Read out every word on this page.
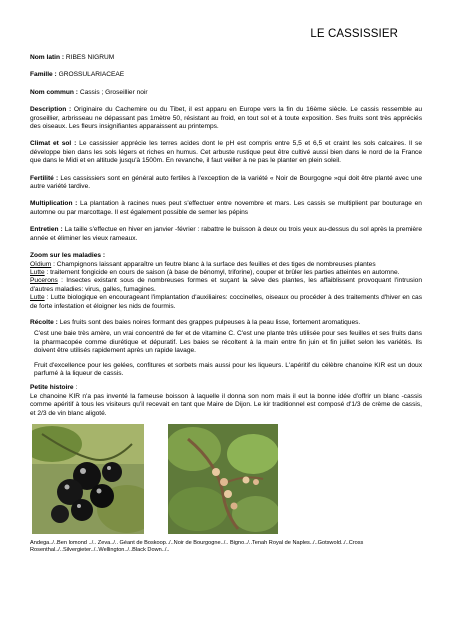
LE CASSISSIER

Nom latin : RIBES NIGRUM

Famille : GROSSULARIACEAE

Nom commun : Cassis ; Groseillier noir

Description : Originaire du Cachemire ou du Tibet, il est apparu en Europe vers la fin du 16ème siècle. Le cassis ressemble au groseillier, arbrisseau ne dépassant pas 1mètre 50, résistant au froid, en tout sol et à toute exposition. Ses fruits sont très appréciés des oiseaux. Les fleurs insignifiantes apparaissent au printemps.

Climat et sol : Le cassissier apprécie les terres acides dont le pH est compris entre 5,5 et 6,5 et craint les sols calcaires. Il se développe bien dans les sols légers et riches en humus. Cet arbuste rustique peut être cultivé aussi bien dans le nord de la France que dans le Midi et en altitude jusqu'à 1500m. En revanche, il faut veiller à ne pas le planter en plein soleil.

Fertilité : Les cassissiers sont en général auto fertiles à l'exception de la variété « Noir de Bourgogne »qui doit être planté avec une autre variété tardive.

Multiplication : La plantation à racines nues peut s'effectuer entre novembre et mars. Les cassis se multiplient par bouturage en automne ou par marcottage. Il est également possible de semer les pépins

Entretien : La taille s'effectue en hiver en janvier -février : rabattre le buisson à deux ou trois yeux au-dessus du sol après la première année et éliminer les vieux rameaux.

Zoom sur les maladies :

Oïdium : Champignons laissant apparaître un feutre blanc à la surface des feuilles et des tiges de nombreuses plantes

Lutte : traitement fongicide en cours de saison (à base de bénomyl, triforine), couper et brûler les parties atteintes en automne.

Pucerons : Insectes existant sous de nombreuses formes et suçant la sève des plantes, les affaiblissent provoquant l'intrusion d'autres maladies: virus, galles, fumagines.

Lutte : Lutte biologique en encourageant l'implantation d'auxiliaires: coccinelles, oiseaux ou procéder à des traitements d'hiver en cas de forte infestation et éloigner les nids de fourmis.

Récolte : Les fruits sont des baies noires formant des grappes pulpeuses à la peau lisse, fortement aromatiques.

C'est une baie très amère, un vrai concentré de fer et de vitamine C. C'est une plante très utilisée pour ses feuilles et ses fruits dans la pharmacopée comme diurétique et dépuratif. Les baies se récoltent à la main entre fin juin et fin juillet selon les variétés. Ils doivent être utilisés rapidement après un rapide lavage.

Fruit d'excellence pour les gelées, confitures et sorbets mais aussi pour les liqueurs. L'apéritif du célèbre chanoine KIR est un doux parfumé à la liqueur de cassis.

Petite histoire :

Le chanoine KIR n'a pas inventé la fameuse boisson à laquelle il donna son nom mais il eut la bonne idée d'offrir un blanc -cassis comme apéritif à tous les visiteurs qu'il recevait en tant que Maire de Dijon. Le kir traditionnel est composé d'1/3 de crème de cassis, et 2/3 de vin blanc aligoté.

Andega../..Ben lomond ../.. Zeva../.. Géant de Boskoop../..Noir de Bourgogne../.. Bigno../..Tenah Royal de Naples../..Gotswold../..Cross Rosenthal../..Silvergieter../..Wellington../..Black Down../..
